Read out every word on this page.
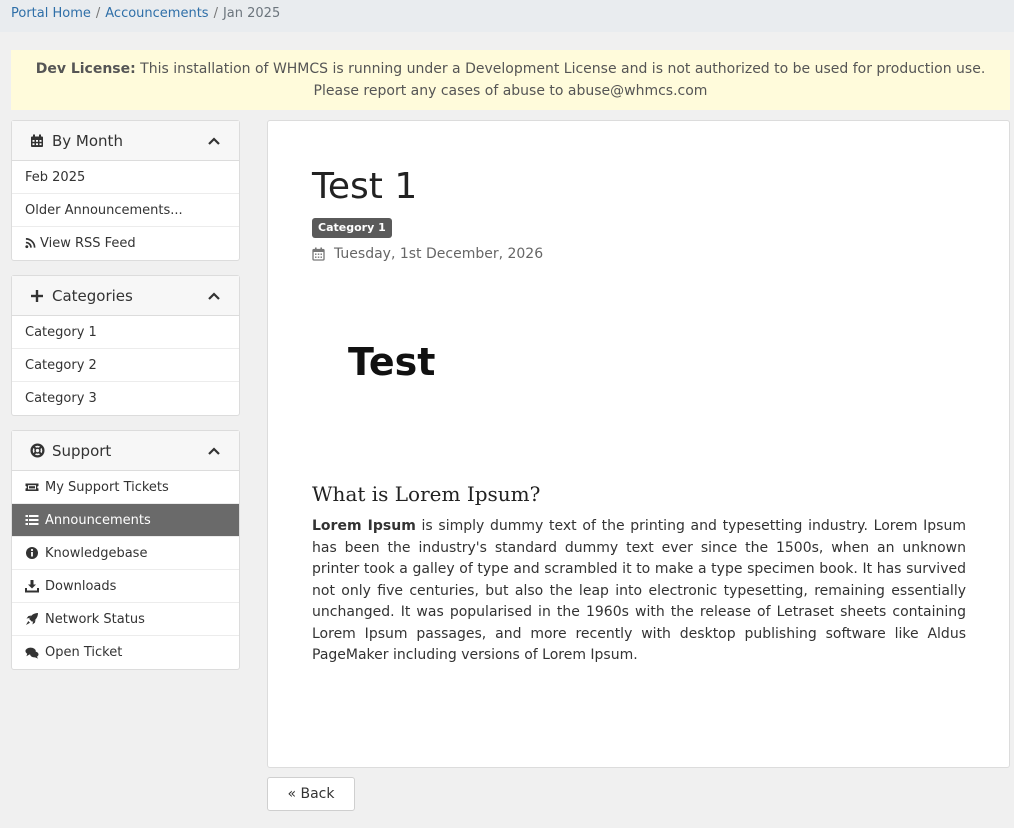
Portal Home / Accouncements / Jan 2025
Dev License: This installation of WHMCS is running under a Development License and is not authorized to be used for production use. Please report any cases of abuse to abuse@whmcs.com
By Month
Feb 2025
Older Announcements...
View RSS Feed
Categories
Category 1
Category 2
Category 3
Support
My Support Tickets
Announcements
Knowledgebase
Downloads
Network Status
Open Ticket
Test 1
Category 1
Tuesday, 1st December, 2026
Test
What is Lorem Ipsum?

Lorem Ipsum is simply dummy text of the printing and typesetting industry. Lorem Ipsum has been the industry's standard dummy text ever since the 1500s, when an unknown printer took a galley of type and scrambled it to make a type specimen book. It has survived not only five centuries, but also the leap into electronic typesetting, remaining essentially unchanged. It was popularised in the 1960s with the release of Letraset sheets containing Lorem Ipsum passages, and more recently with desktop publishing software like Aldus PageMaker including versions of Lorem Ipsum.

« Back
